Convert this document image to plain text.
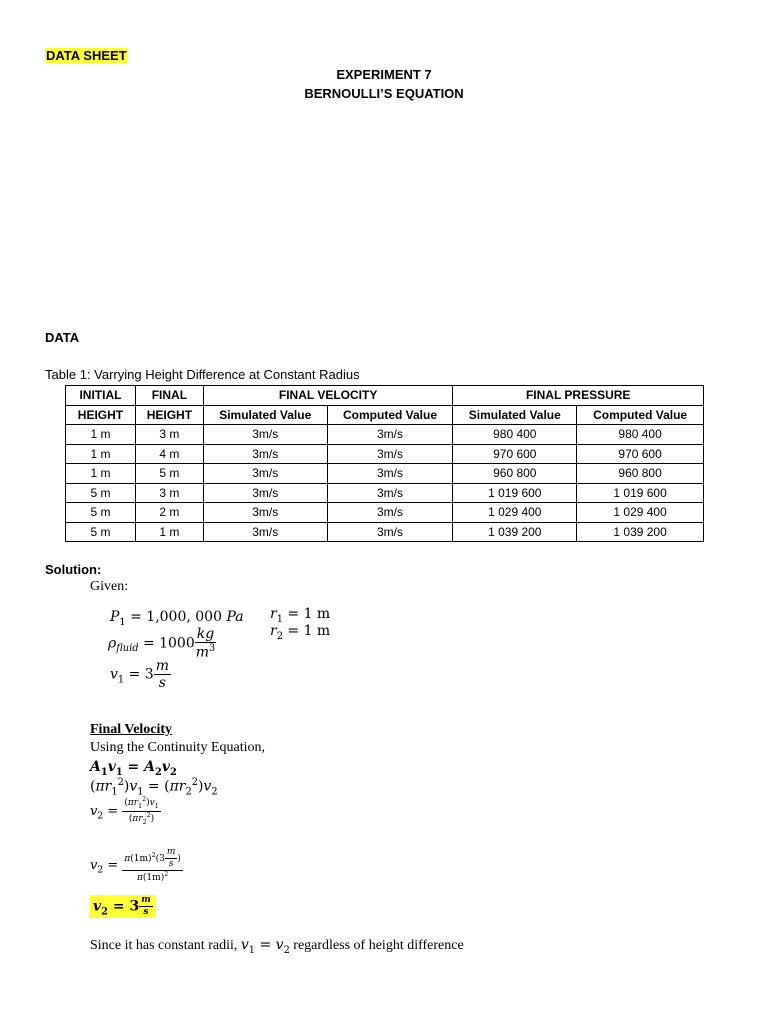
DATA SHEET
EXPERIMENT 7
BERNOULLI’S EQUATION
DATA
Table 1: Varrying Height Difference at Constant Radius
INITIAL	FINAL	FINAL VELOCITY		FINAL PRESSURE	
HEIGHT	HEIGHT	Simulated Value	Computed Value	Simulated Value	Computed Value
1 m	3 m	3m/s	3m/s	980 400	980 400
1 m	4 m	3m/s	3m/s	970 600	970 600
1 m	5 m	3m/s	3m/s	960 800	960 800
5 m	3 m	3m/s	3m/s	1 019 600	1 019 600
5 m	2 m	3m/s	3m/s	1 029 400	1 029 400
5 m	1 m	3m/s	3m/s	1 039 200	1 039 200
Solution:
Given:
$P_1 = 1,000$, 000 Pa
$\rho_{fluid} = 1000 \frac{kg}{m^3}$
$v_1 = 3 \frac{m}{s}$
$r_1 = 1$ m
$r_2 = 1$ m
Final Velocity
Using the Continuity Equation,
$A_1v_1 = A_2v_2$
$(\pi r_1^2)v_1 = (\pi r_2^2)v_2$
$v_2 = \frac{(\pi r_1^2)v_1}{(\pi r_2^2)}$
$v_2 = \frac{\pi(1m)^2(3 \frac{m}{s} )}{\pi(1m)^2}$
$v_2 = 3 \frac{m}{s}$
Since it has constant radii, $v_1 = v_2$ regardless of height difference
